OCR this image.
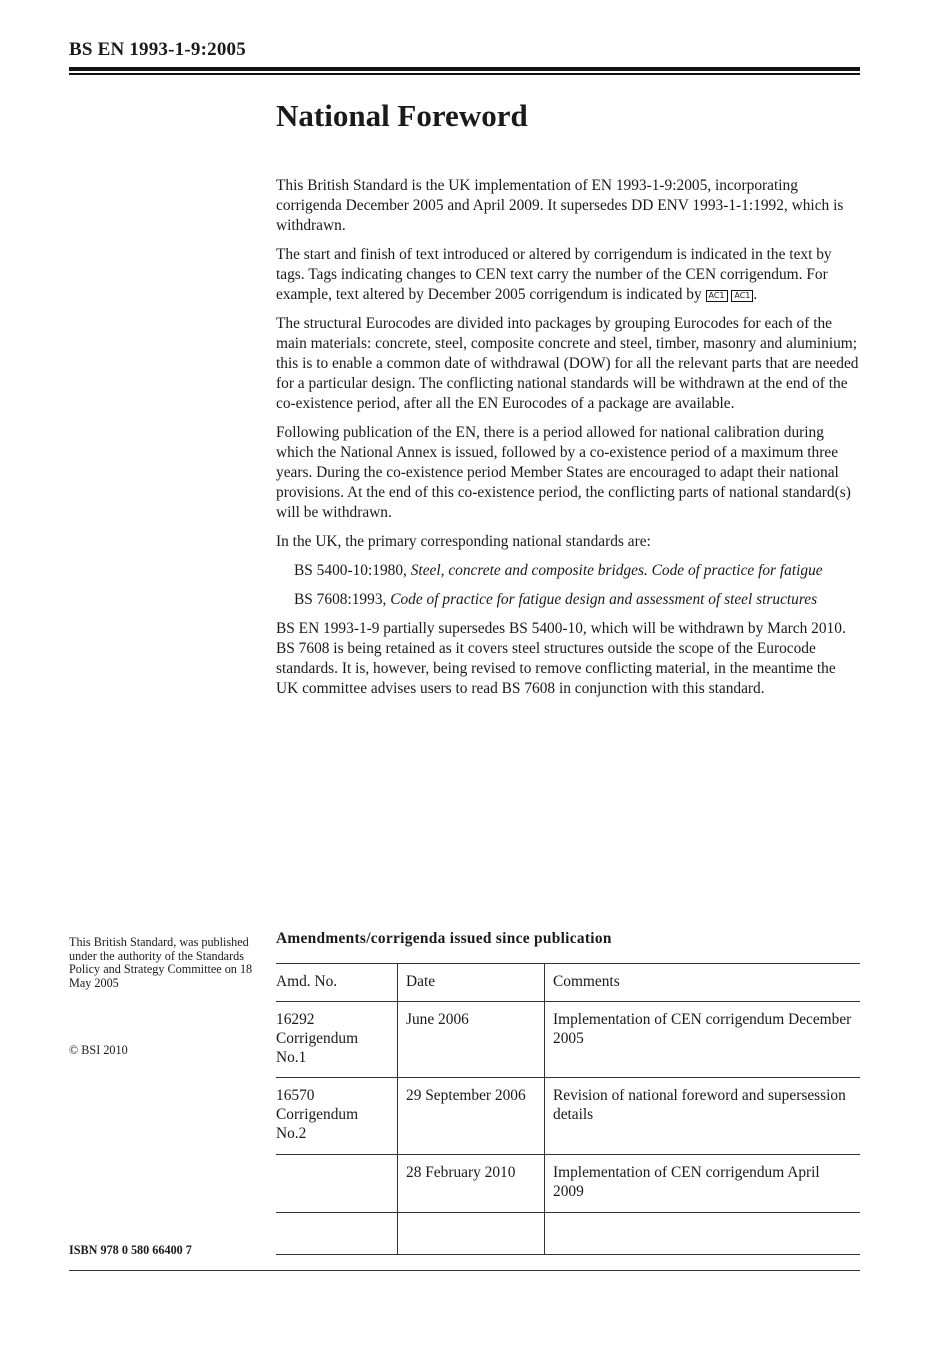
BS EN 1993-1-9:2005
National Foreword

This British Standard is the UK implementation of EN 1993-1-9:2005, incorporating corrigenda December 2005 and April 2009. It supersedes DD ENV 1993-1-1:1992, which is withdrawn.

The start and finish of text introduced or altered by corrigendum is indicated in the text by tags. Tags indicating changes to CEN text carry the number of the CEN corrigendum. For example, text altered by December 2005 corrigendum is indicated by AC1 AC1 .

The structural Eurocodes are divided into packages by grouping Eurocodes for each of the main materials: concrete, steel, composite concrete and steel, timber, masonry and aluminium; this is to enable a common date of withdrawal (DOW) for all the relevant parts that are needed for a particular design. The conflicting national standards will be withdrawn at the end of the co-existence period, after all the EN Eurocodes of a package are available.

Following publication of the EN, there is a period allowed for national calibration during which the National Annex is issued, followed by a co-existence period of a maximum three years. During the co-existence period Member States are encouraged to adapt their national provisions. At the end of this co-existence period, the conflicting parts of national standard(s) will be withdrawn.

In the UK, the primary corresponding national standards are:

BS 5400-10:1980, Steel, concrete and composite bridges. Code of practice for fatigue

BS 7608:1993, Code of practice for fatigue design and assessment of steel structures

BS EN 1993-1-9 partially supersedes BS 5400-10, which will be withdrawn by March 2010. BS 7608 is being retained as it covers steel structures outside the scope of the Eurocode standards. It is, however, being revised to remove conflicting material, in the meantime the UK committee advises users to read BS 7608 in conjunction with this standard.

This British Standard, was published under the authority of the Standards Policy and Strategy Committee on 18 May 2005
© BSI 2010
ISBN 978 0 580 66400 7
Amendments/corrigenda issued since publication
Amd. No.	Date	Comments
16292 Corrigendum No.1	June 2006	Implementation of CEN corrigendum December 2005
16570 Corrigendum No.2	29 September 2006	Revision of national foreword and supersession details
	28 February 2010	Implementation of CEN corrigendum April 2009
